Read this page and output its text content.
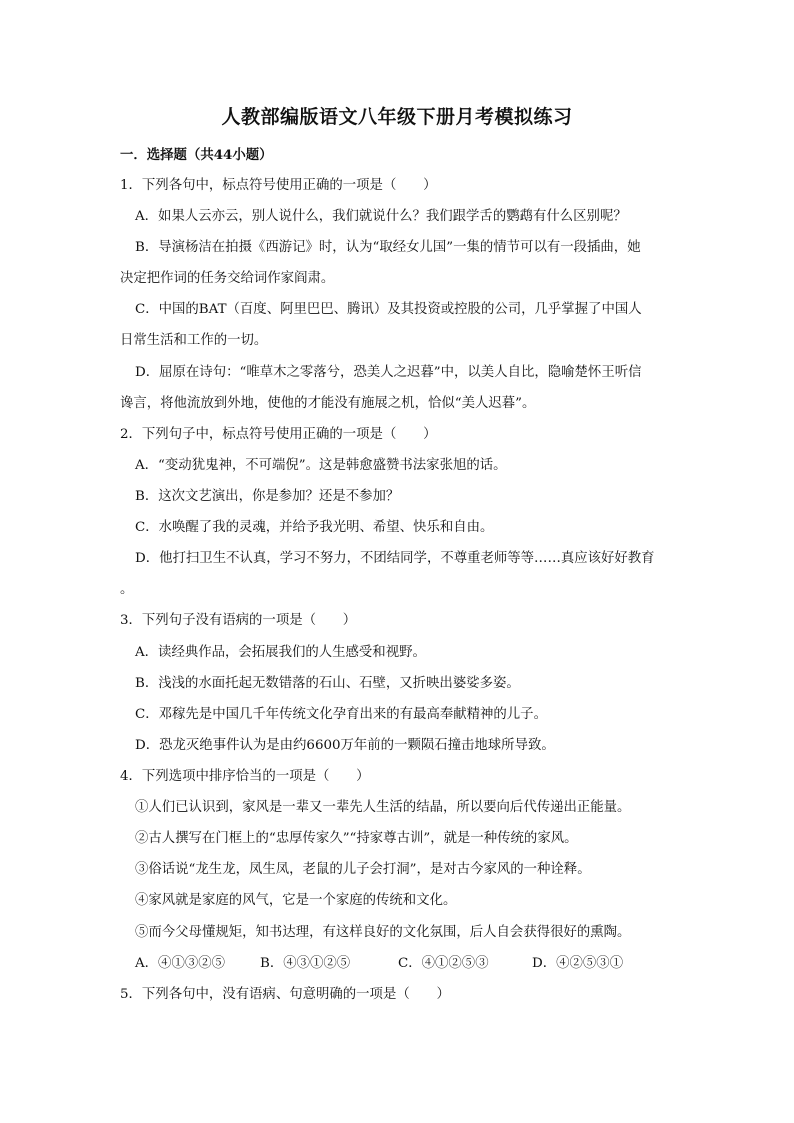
人教部编版语文八年级下册月考模拟练习
一．选择题（共44小题）
1．下列各句中，标点符号使用正确的一项是（　　）
A．如果人云亦云，别人说什么，我们就说什么？我们跟学舌的鹦鹉有什么区别呢？
B．导演杨洁在拍摄《西游记》时，认为“取经女儿国”一集的情节可以有一段插曲，她
决定把作词的任务交给词作家阎肃。
C．中国的BAT（百度、阿里巴巴、腾讯）及其投资或控股的公司，几乎掌握了中国人
日常生活和工作的一切。
D．屈原在诗句：“唯草木之零落兮，恐美人之迟暮”中，以美人自比，隐喻楚怀王听信
谗言，将他流放到外地，使他的才能没有施展之机，恰似“美人迟暮”。
2．下列句子中，标点符号使用正确的一项是（　　）
A．“变动犹鬼神，不可端倪”。这是韩愈盛赞书法家张旭的话。
B．这次文艺演出，你是参加？还是不参加？
C．水唤醒了我的灵魂，并给予我光明、希望、快乐和自由。
D．他打扫卫生不认真，学习不努力，不团结同学，不尊重老师等等……真应该好好教育
。
3．下列句子没有语病的一项是（　　）
A．读经典作品，会拓展我们的人生感受和视野。
B．浅浅的水面托起无数错落的石山、石壁，又折映出婆娑多姿。
C．邓稼先是中国几千年传统文化孕育出来的有最高奉献精神的儿子。
D．恐龙灭绝事件认为是由约6600万年前的一颗陨石撞击地球所导致。
4．下列选项中排序恰当的一项是（　　）
①人们已认识到，家风是一辈又一辈先人生活的结晶，所以要向后代传递出正能量。
②古人撰写在门框上的“忠厚传家久”“持家尊古训”，就是一种传统的家风。
③俗话说“龙生龙，凤生凤，老鼠的儿子会打洞”，是对古今家风的一种诠释。
④家风就是家庭的风气，它是一个家庭的传统和文化。
⑤而今父母懂规矩，知书达理，有这样良好的文化氛围，后人自会获得很好的熏陶。
A．④①③②⑤	B．④③①②⑤	C．④①②⑤③	D．④②⑤③①
5．下列各句中，没有语病、句意明确的一项是（　　）
